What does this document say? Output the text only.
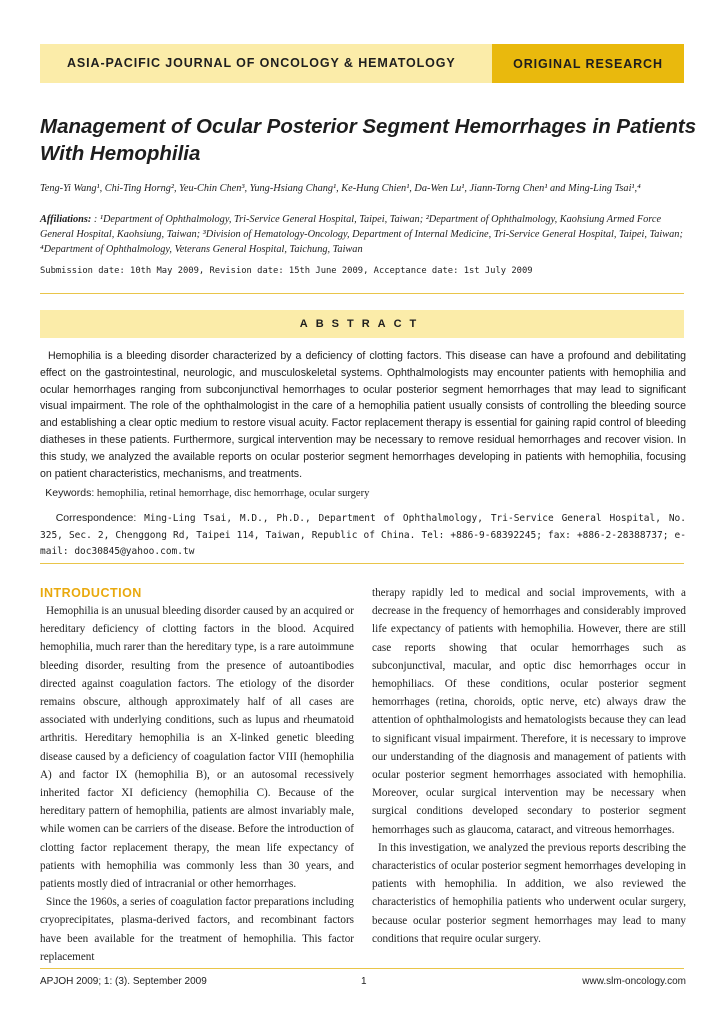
ASIA-PACIFIC JOURNAL OF ONCOLOGY & HEMATOLOGY	ORIGINAL RESEARCH
Management of Ocular Posterior Segment Hemorrhages in Patients With Hemophilia
Teng-Yi Wang¹, Chi-Ting Horng², Yeu-Chin Chen³, Yung-Hsiang Chang¹, Ke-Hung Chien¹, Da-Wen Lu¹, Jiann-Torng Chen¹ and Ming-Ling Tsai¹,⁴
Affiliations: : ¹Department of Ophthalmology, Tri-Service General Hospital, Taipei, Taiwan; ²Department of Ophthalmology, Kaohsiung Armed Force General Hospital, Kaohsiung, Taiwan; ³Division of Hematology-Oncology, Department of Internal Medicine, Tri-Service General Hospital, Taipei, Taiwan; ⁴Department of Ophthalmology, Veterans General Hospital, Taichung, Taiwan
Submission date: 10th May 2009, Revision date: 15th June 2009, Acceptance date: 1st July 2009
ABSTRACT

Hemophilia is a bleeding disorder characterized by a deficiency of clotting factors. This disease can have a profound and debilitating effect on the gastrointestinal, neurologic, and musculoskeletal systems. Ophthalmologists may encounter patients with hemophilia and ocular hemorrhages ranging from subconjunctival hemorrhages to ocular posterior segment hemorrhages that may lead to significant visual impairment. The role of the ophthalmologist in the care of a hemophilia patient usually consists of controlling the bleeding source and establishing a clear optic medium to restore visual acuity. Factor replacement therapy is essential for gaining rapid control of bleeding diatheses in these patients. Furthermore, surgical intervention may be necessary to remove residual hemorrhages and recover vision. In this study, we analyzed the available reports on ocular posterior segment hemorrhages developing in patients with hemophilia, focusing on patient characteristics, mechanisms, and treatments.

Keywords: hemophilia, retinal hemorrhage, disc hemorrhage, ocular surgery
Correspondence: Ming-Ling Tsai, M.D., Ph.D., Department of Ophthalmology, Tri-Service General Hospital, No. 325, Sec. 2, Chenggong Rd, Taipei 114, Taiwan, Republic of China. Tel: +886-9-68392245; fax: +886-2-28388737; e-mail: doc30845@yahoo.com.tw
INTRODUCTION

Hemophilia is an unusual bleeding disorder caused by an acquired or hereditary deficiency of clotting factors in the blood. Acquired hemophilia, much rarer than the hereditary type, is a rare autoimmune bleeding disorder, resulting from the presence of autoantibodies directed against coagulation factors. The etiology of the disorder remains obscure, although approximately half of all cases are associated with underlying conditions, such as lupus and rheumatoid arthritis. Hereditary hemophilia is an X-linked genetic bleeding disease caused by a deficiency of coagulation factor VIII (hemophilia A) and factor IX (hemophilia B), or an autosomal recessively inherited factor XI deficiency (hemophilia C). Because of the hereditary pattern of hemophilia, patients are almost invariably male, while women can be carriers of the disease. Before the introduction of clotting factor replacement therapy, the mean life expectancy of patients with hemophilia was commonly less than 30 years, and patients mostly died of intracranial or other hemorrhages.

Since the 1960s, a series of coagulation factor preparations including cryoprecipitates, plasma-derived factors, and recombinant factors have been available for the treatment of hemophilia. This factor replacement

therapy rapidly led to medical and social improvements, with a decrease in the frequency of hemorrhages and considerably improved life expectancy of patients with hemophilia. However, there are still case reports showing that ocular hemorrhages such as subconjunctival, macular, and optic disc hemorrhages occur in hemophiliacs. Of these conditions, ocular posterior segment hemorrhages (retina, choroids, optic nerve, etc) always draw the attention of ophthalmologists and hematologists because they can lead to significant visual impairment. Therefore, it is necessary to improve our understanding of the diagnosis and management of patients with ocular posterior segment hemorrhages associated with hemophilia. Moreover, ocular surgical intervention may be necessary when surgical conditions developed secondary to posterior segment hemorrhages such as glaucoma, cataract, and vitreous hemorrhages.

In this investigation, we analyzed the previous reports describing the characteristics of ocular posterior segment hemorrhages developing in patients with hemophilia. In addition, we also reviewed the characteristics of hemophilia patients who underwent ocular surgery, because ocular posterior segment hemorrhages may lead to many conditions that require ocular surgery.

APJOH 2009; 1: (3). September 2009	1	www.slm-oncology.com
